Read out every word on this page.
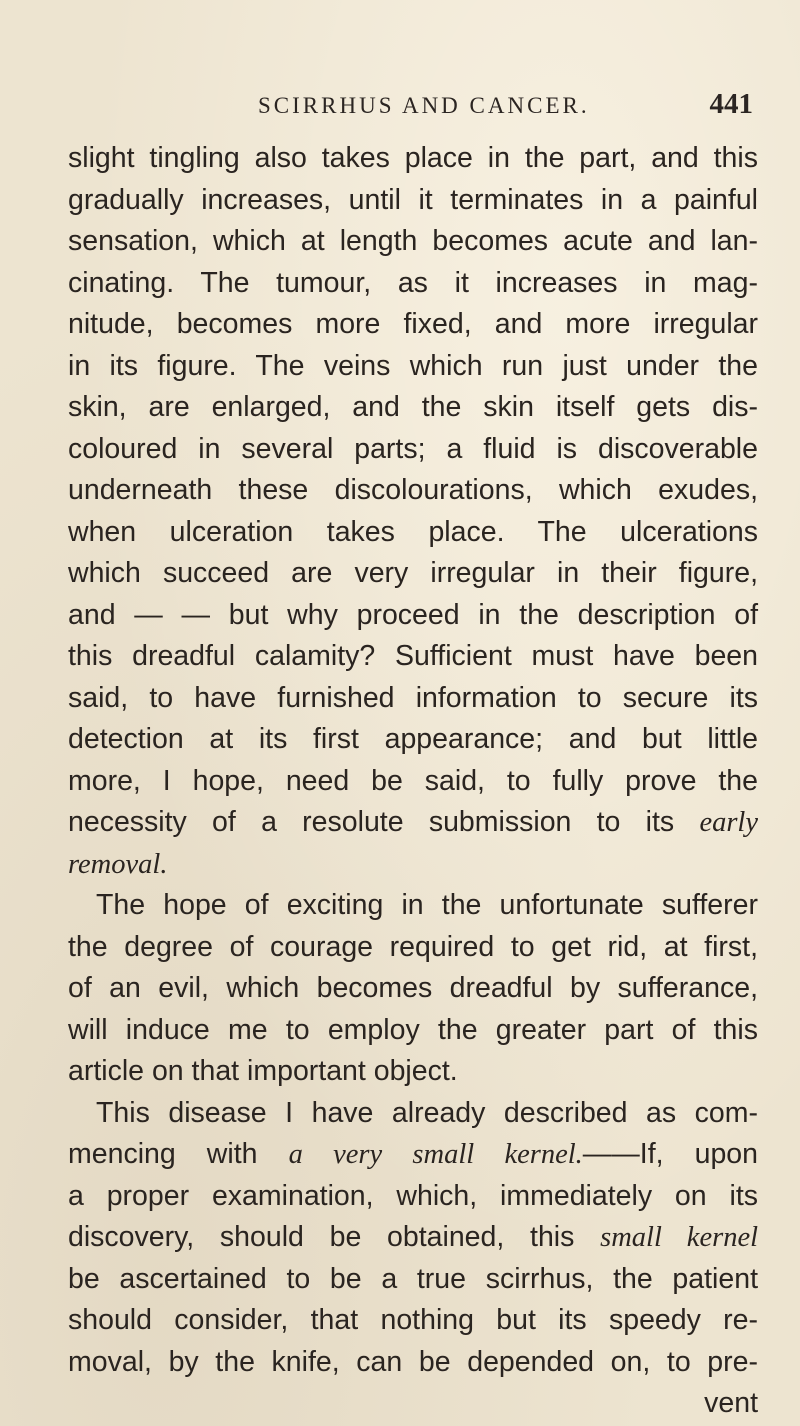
SCIRRHUS AND CANCER.	441
slight tingling also takes place in the part, and this
gradually increases, until it terminates in a painful
sensation, which at length becomes acute and lan-
cinating. The tumour, as it increases in mag-
nitude, becomes more fixed, and more irregular
in its figure. The veins which run just under the
skin, are enlarged, and the skin itself gets dis-
coloured in several parts; a fluid is discoverable
underneath these discolourations, which exudes,
when ulceration takes place. The ulcerations
which succeed are very irregular in their figure,
and — — but why proceed in the description of
this dreadful calamity? Sufficient must have been
said, to have furnished information to secure its
detection at its first appearance; and but little
more, I hope, need be said, to fully prove the
necessity of a resolute submission to its early
removal.
The hope of exciting in the unfortunate sufferer
the degree of courage required to get rid, at first,
of an evil, which becomes dreadful by sufferance,
will induce me to employ the greater part of this
article on that important object.
This disease I have already described as com-
mencing with a very small kernel.——If, upon
a proper examination, which, immediately on its
discovery, should be obtained, this small kernel
be ascertained to be a true scirrhus, the patient
should consider, that nothing but its speedy re-
moval, by the knife, can be depended on, to pre-
vent
